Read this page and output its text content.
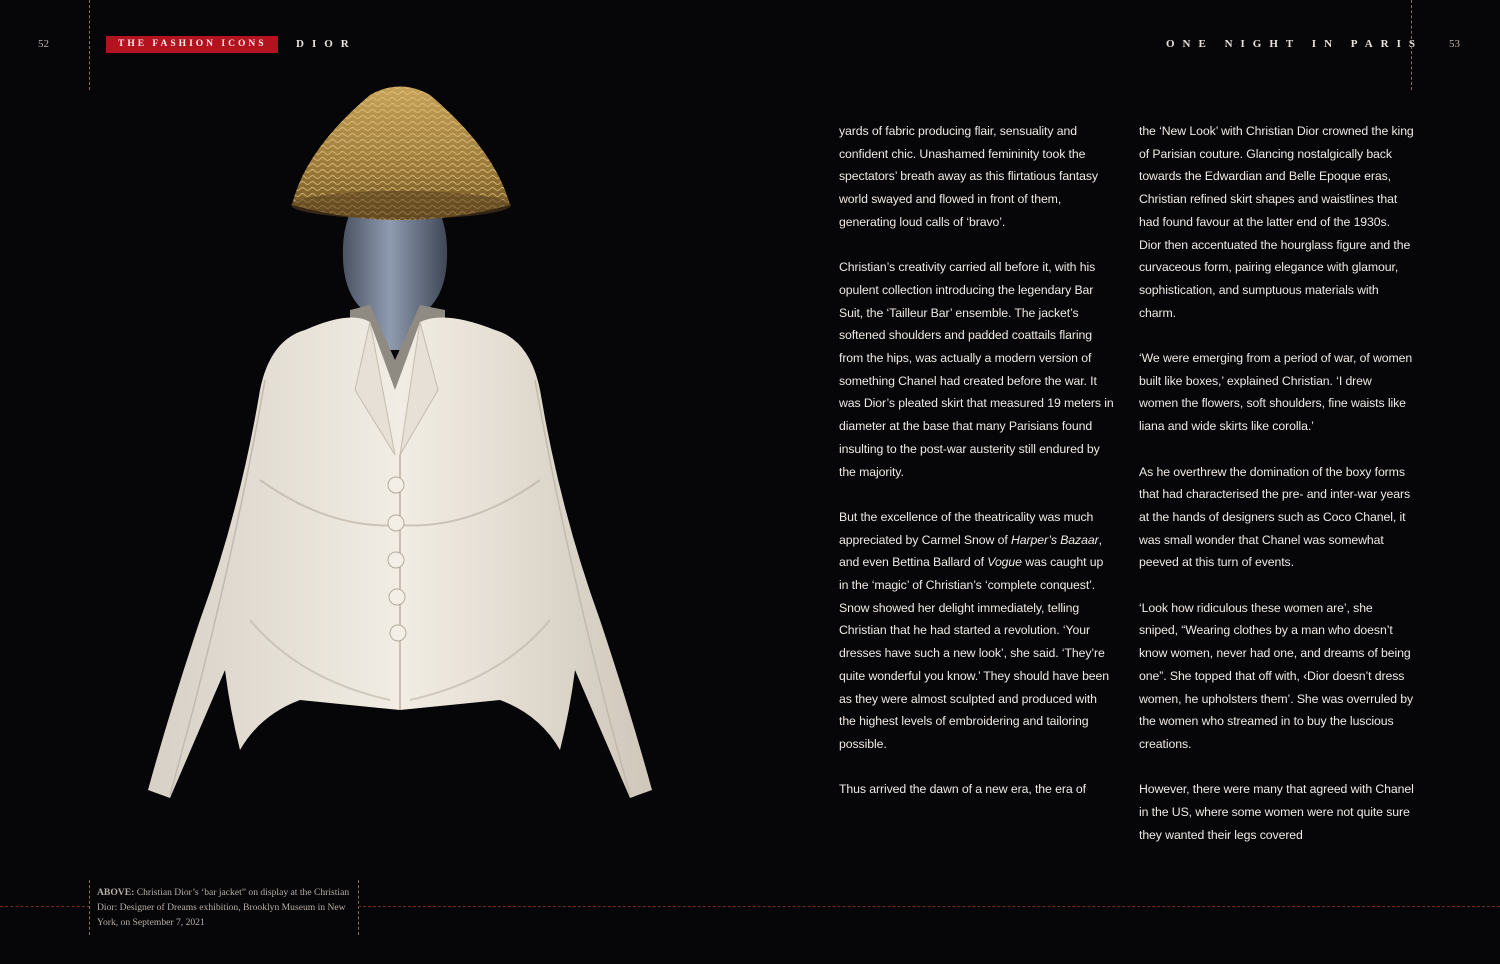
52	THE FASHION ICONS	DIOR	ONE NIGHT IN PARIS 53

yards of fabric producing flair, sensuality and confident chic. Unashamed femininity took the spectators’ breath away as this flirtatious fantasy world swayed and flowed in front of them, generating loud calls of ‘bravo’.

Christian’s creativity carried all before it, with his opulent collection introducing the legendary Bar Suit, the ‘Tailleur Bar’ ensemble. The jacket’s softened shoulders and padded coattails flaring from the hips, was actually a modern version of something Chanel had created before the war. It was Dior’s pleated skirt that measured 19 meters in diameter at the base that many Parisians found insulting to the post-war austerity still endured by the majority.

But the excellence of the theatricality was much appreciated by Carmel Snow of Harper’s Bazaar, and even Bettina Ballard of Vogue was caught up in the ‘magic’ of Christian’s ‘complete conquest’. Snow showed her delight immediately, telling Christian that he had started a revolution. ‘Your dresses have such a new look’, she said. ‘They’re quite wonderful you know.’ They should have been as they were almost sculpted and produced with the highest levels of embroidering and tailoring possible.

Thus arrived the dawn of a new era, the era of

the ‘New Look’ with Christian Dior crowned the king of Parisian couture. Glancing nostalgically back towards the Edwardian and Belle Epoque eras, Christian refined skirt shapes and waistlines that had found favour at the latter end of the 1930s. Dior then accentuated the hourglass figure and the curvaceous form, pairing elegance with glamour, sophistication, and sumptuous materials with charm.

‘We were emerging from a period of war, of women built like boxes,’ explained Christian. ‘I drew women the flowers, soft shoulders, fine waists like liana and wide skirts like corolla.’

As he overthrew the domination of the boxy forms that had characterised the pre- and inter-war years at the hands of designers such as Coco Chanel, it was small wonder that Chanel was somewhat peeved at this turn of events.

‘Look how ridiculous these women are’, she sniped, “Wearing clothes by a man who doesn’t know women, never had one, and dreams of being one”. She topped that off with, ‹Dior doesn’t dress women, he upholsters them’. She was overruled by the women who streamed in to buy the luscious creations.

However, there were many that agreed with Chanel in the US, where some women were not quite sure they wanted their legs covered

ABOVE: Christian Dior’s ‘bar jacket” on display at the Christian Dior: Designer of Dreams exhibition, Brooklyn Museum in New York, on September 7, 2021
